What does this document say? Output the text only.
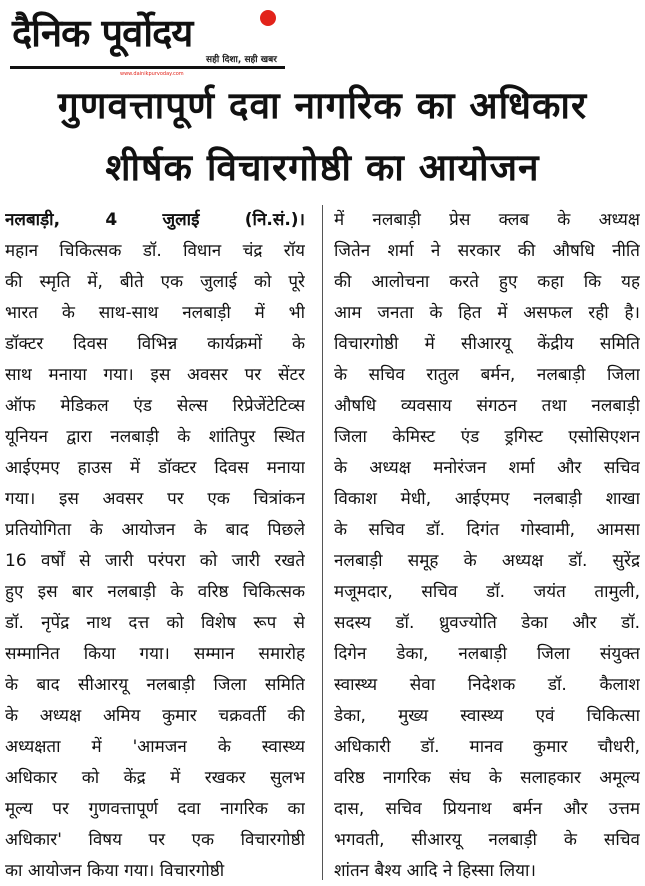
दैनिक पूर्वोदय
सही दिशा, सही खबर
www.dainikpurvoday.com
गुणवत्तापूर्ण दवा नागरिक का अधिकार
शीर्षक विचारगोष्ठी का आयोजन
नलबाड़ी, 4 जुलाई (नि.सं.)।
महान चिकित्सक डॉ. विधान चंद्र रॉय
की स्मृति में, बीते एक जुलाई को पूरे
भारत के साथ-साथ नलबाड़ी में भी
डॉक्टर दिवस विभिन्न कार्यक्रमों के
साथ मनाया गया। इस अवसर पर सेंटर
ऑफ मेडिकल एंड सेल्स रिप्रेजेंटेटिव्स
यूनियन द्वारा नलबाड़ी के शांतिपुर स्थित
आईएमए हाउस में डॉक्टर दिवस मनाया
गया। इस अवसर पर एक चित्रांकन
प्रतियोगिता के आयोजन के बाद पिछले
16 वर्षों से जारी परंपरा को जारी रखते
हुए इस बार नलबाड़ी के वरिष्ठ चिकित्सक
डॉ. नृपेंद्र नाथ दत्त को विशेष रूप से
सम्मानित किया गया। सम्मान समारोह
के बाद सीआरयू नलबाड़ी जिला समिति
के अध्यक्ष अमिय कुमार चक्रवर्ती की
अध्यक्षता में 'आमजन के स्वास्थ्य
अधिकार को केंद्र में रखकर सुलभ
मूल्य पर गुणवत्तापूर्ण दवा नागरिक का
अधिकार' विषय पर एक विचारगोष्ठी
का आयोजन किया गया। विचारगोष्ठी
में नलबाड़ी प्रेस क्लब के अध्यक्ष
जितेन शर्मा ने सरकार की औषधि नीति
की आलोचना करते हुए कहा कि यह
आम जनता के हित में असफल रही है।
विचारगोष्ठी में सीआरयू केंद्रीय समिति
के सचिव रातुल बर्मन, नलबाड़ी जिला
औषधि व्यवसाय संगठन तथा नलबाड़ी
जिला केमिस्ट एंड ड्रगिस्ट एसोसिएशन
के अध्यक्ष मनोरंजन शर्मा और सचिव
विकाश मेधी, आईएमए नलबाड़ी शाखा
के सचिव डॉ. दिगंत गोस्वामी, आमसा
नलबाड़ी समूह के अध्यक्ष डॉ. सुरेंद्र
मजूमदार, सचिव डॉ. जयंत तामुली,
सदस्य डॉ. ध्रुवज्योति डेका और डॉ.
दिगेन डेका, नलबाड़ी जिला संयुक्त
स्वास्थ्य सेवा निदेशक डॉ. कैलाश
डेका, मुख्य स्वास्थ्य एवं चिकित्सा
अधिकारी डॉ. मानव कुमार चौधरी,
वरिष्ठ नागरिक संघ के सलाहकार अमूल्य
दास, सचिव प्रियनाथ बर्मन और उत्तम
भगवती, सीआरयू नलबाड़ी के सचिव
शांतन बैश्य आदि ने हिस्सा लिया।
